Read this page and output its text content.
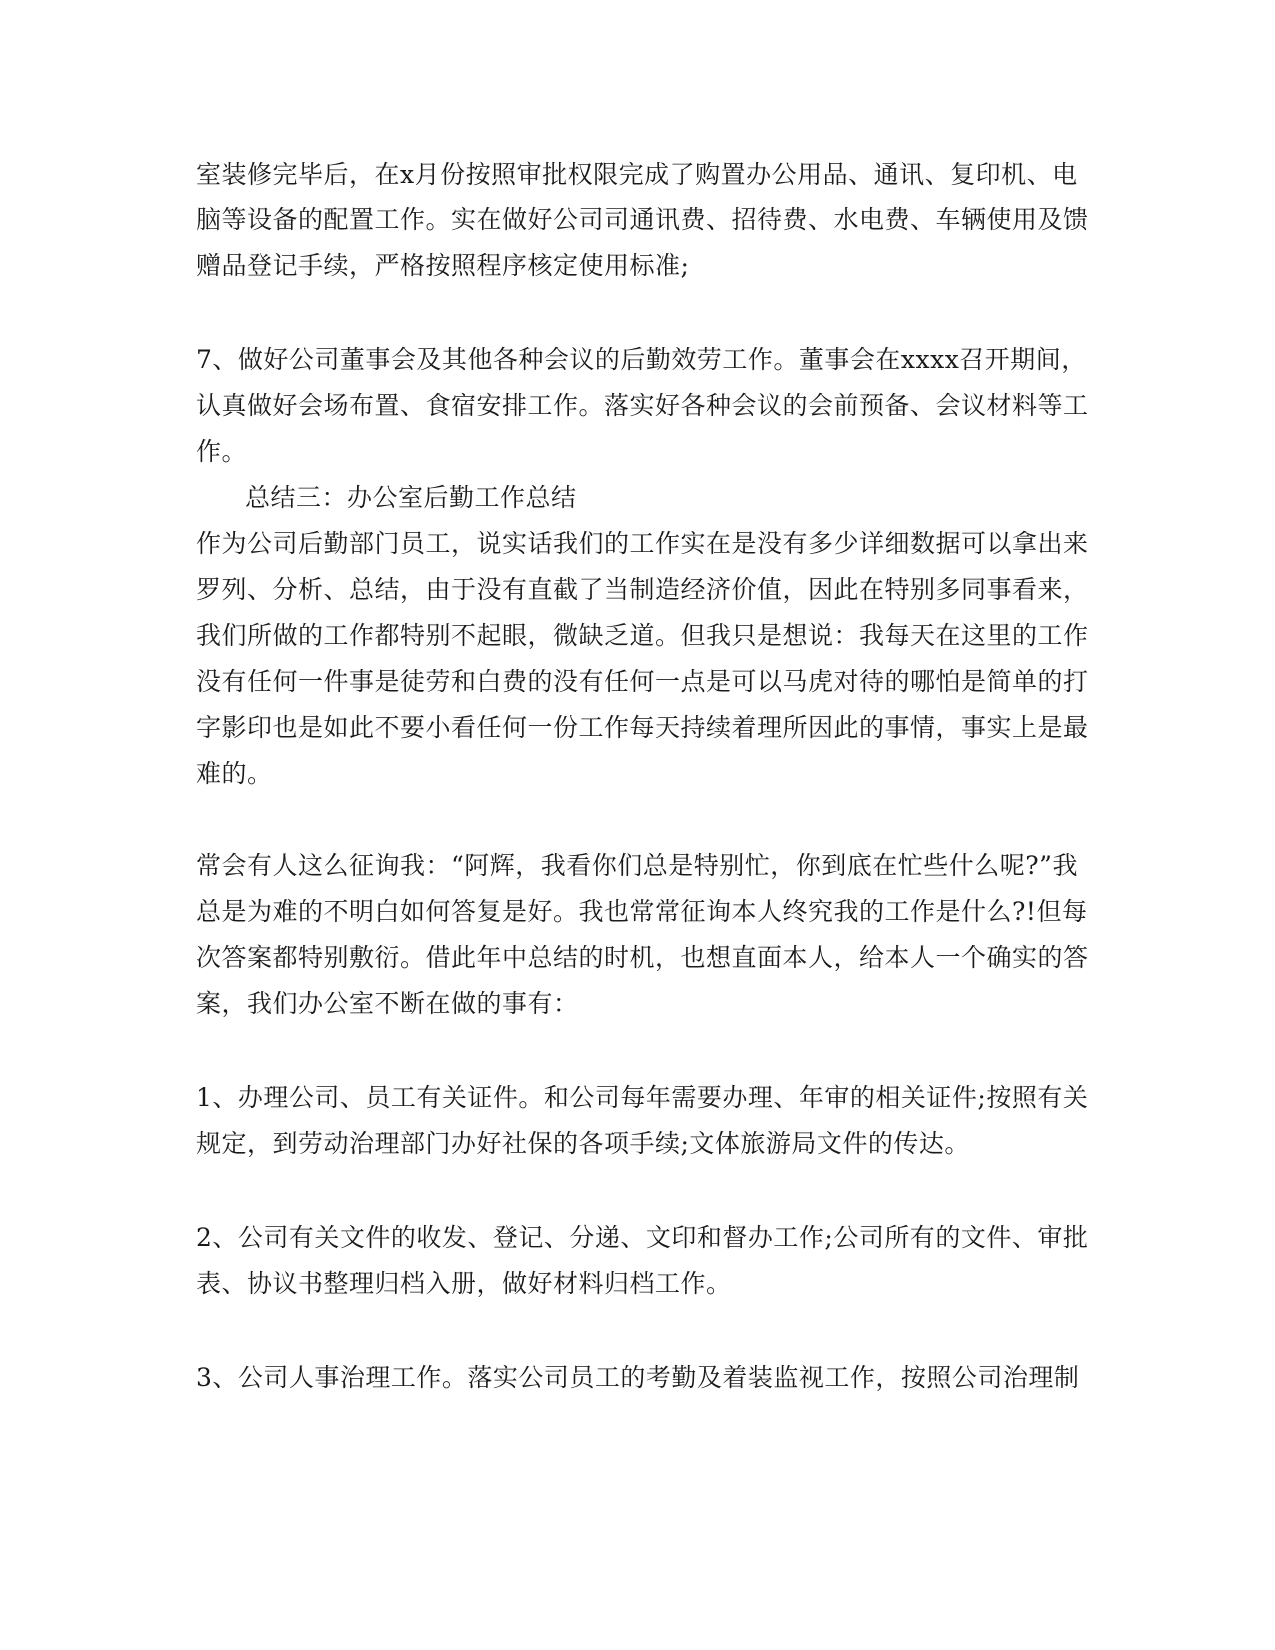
室装修完毕后，在x月份按照审批权限完成了购置办公用品、通讯、复印机、电
脑等设备的配置工作。实在做好公司司通讯费、招待费、水电费、车辆使用及馈
赠品登记手续，严格按照程序核定使用标准;
7、做好公司董事会及其他各种会议的后勤效劳工作。董事会在xxxx召开期间，
认真做好会场布置、食宿安排工作。落实好各种会议的会前预备、会议材料等工
作。
总结三：办公室后勤工作总结
作为公司后勤部门员工，说实话我们的工作实在是没有多少详细数据可以拿出来
罗列、分析、总结，由于没有直截了当制造经济价值，因此在特别多同事看来，
我们所做的工作都特别不起眼，微缺乏道。但我只是想说：我每天在这里的工作
没有任何一件事是徒劳和白费的没有任何一点是可以马虎对待的哪怕是简单的打
字影印也是如此不要小看任何一份工作每天持续着理所因此的事情，事实上是最
难的。
常会有人这么征询我：“阿辉，我看你们总是特别忙，你到底在忙些什么呢?”我
总是为难的不明白如何答复是好。我也常常征询本人终究我的工作是什么?!但每
次答案都特别敷衍。借此年中总结的时机，也想直面本人，给本人一个确实的答
案，我们办公室不断在做的事有：
1、办理公司、员工有关证件。和公司每年需要办理、年审的相关证件;按照有关
规定，到劳动治理部门办好社保的各项手续;文体旅游局文件的传达。
2、公司有关文件的收发、登记、分递、文印和督办工作;公司所有的文件、审批
表、协议书整理归档入册，做好材料归档工作。
3、公司人事治理工作。落实公司员工的考勤及着装监视工作，按照公司治理制
